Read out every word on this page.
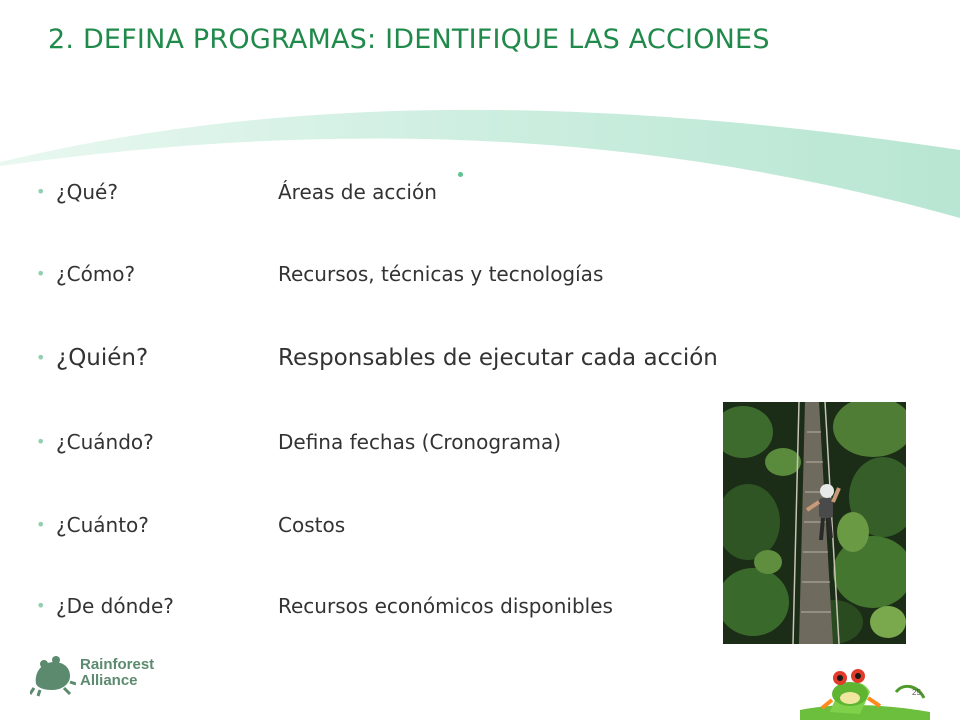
2. DEFINA PROGRAMAS: IDENTIFIQUE LAS ACCIONES
• ¿Qué?	Áreas de acción
• ¿Cómo?	Recursos, técnicas y tecnologías
• ¿Quién?	Responsables de ejecutar cada acción
• ¿Cuándo?	Defina fechas (Cronograma)
• ¿Cuánto?	Costos
• ¿De dónde?	Recursos económicos disponibles
Rainforest
Alliance
25
